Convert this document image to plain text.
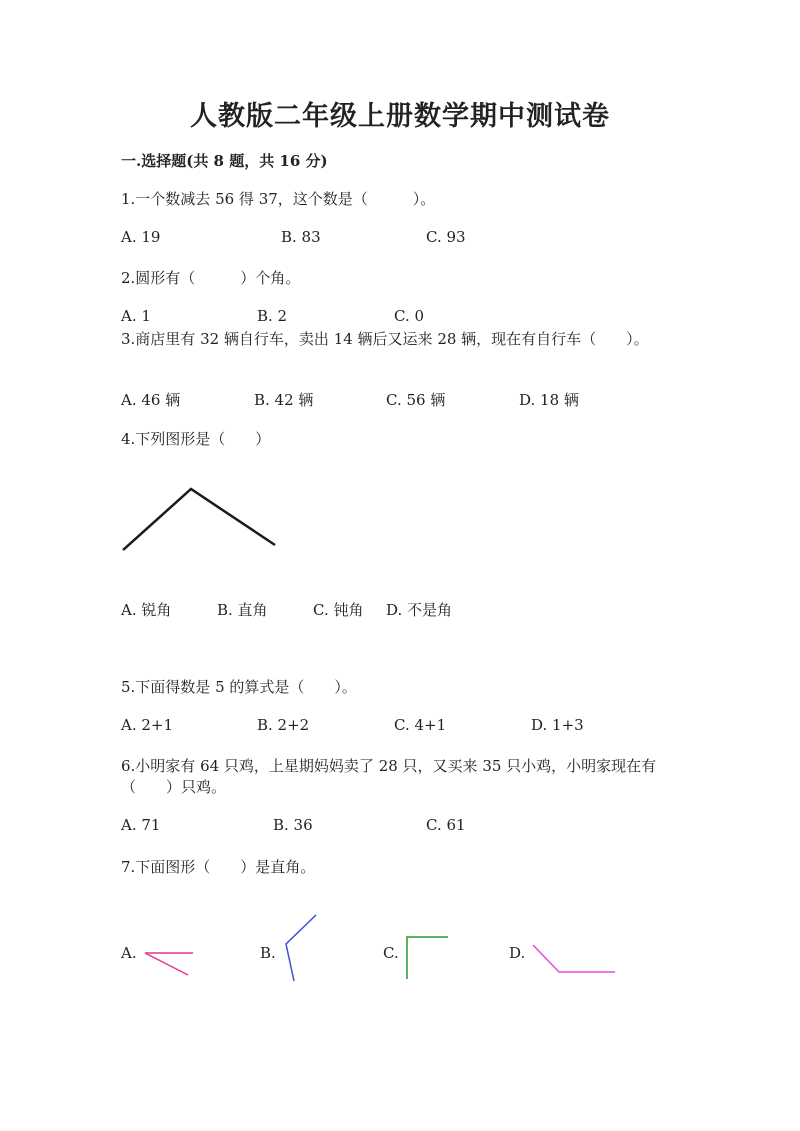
人教版二年级上册数学期中测试卷
一.选择题(共 8 题，共 16 分)
1.一个数减去 56 得 37，这个数是（　　　）。
A. 19	B. 83	C. 93
2.圆形有（　　　）个角。
A. 1	B. 2	C. 0
3.商店里有 32 辆自行车，卖出 14 辆后又运来 28 辆，现在有自行车（　　）。
A. 46 辆	B. 42 辆	C. 56 辆	D. 18 辆
4.下列图形是（　　）
A. 锐角	B. 直角	C. 钝角 D. 不是角
5.下面得数是 5 的算式是（　　）。
A. 2+1	B. 2+2	C. 4+1	D. 1+3
6.小明家有 64 只鸡，上星期妈妈卖了 28 只，又买来 35 只小鸡，小明家现在有
（　　）只鸡。
A. 71	B. 36	C. 61
7.下面图形（　　）是直角。
A.	B.	C.	D.
